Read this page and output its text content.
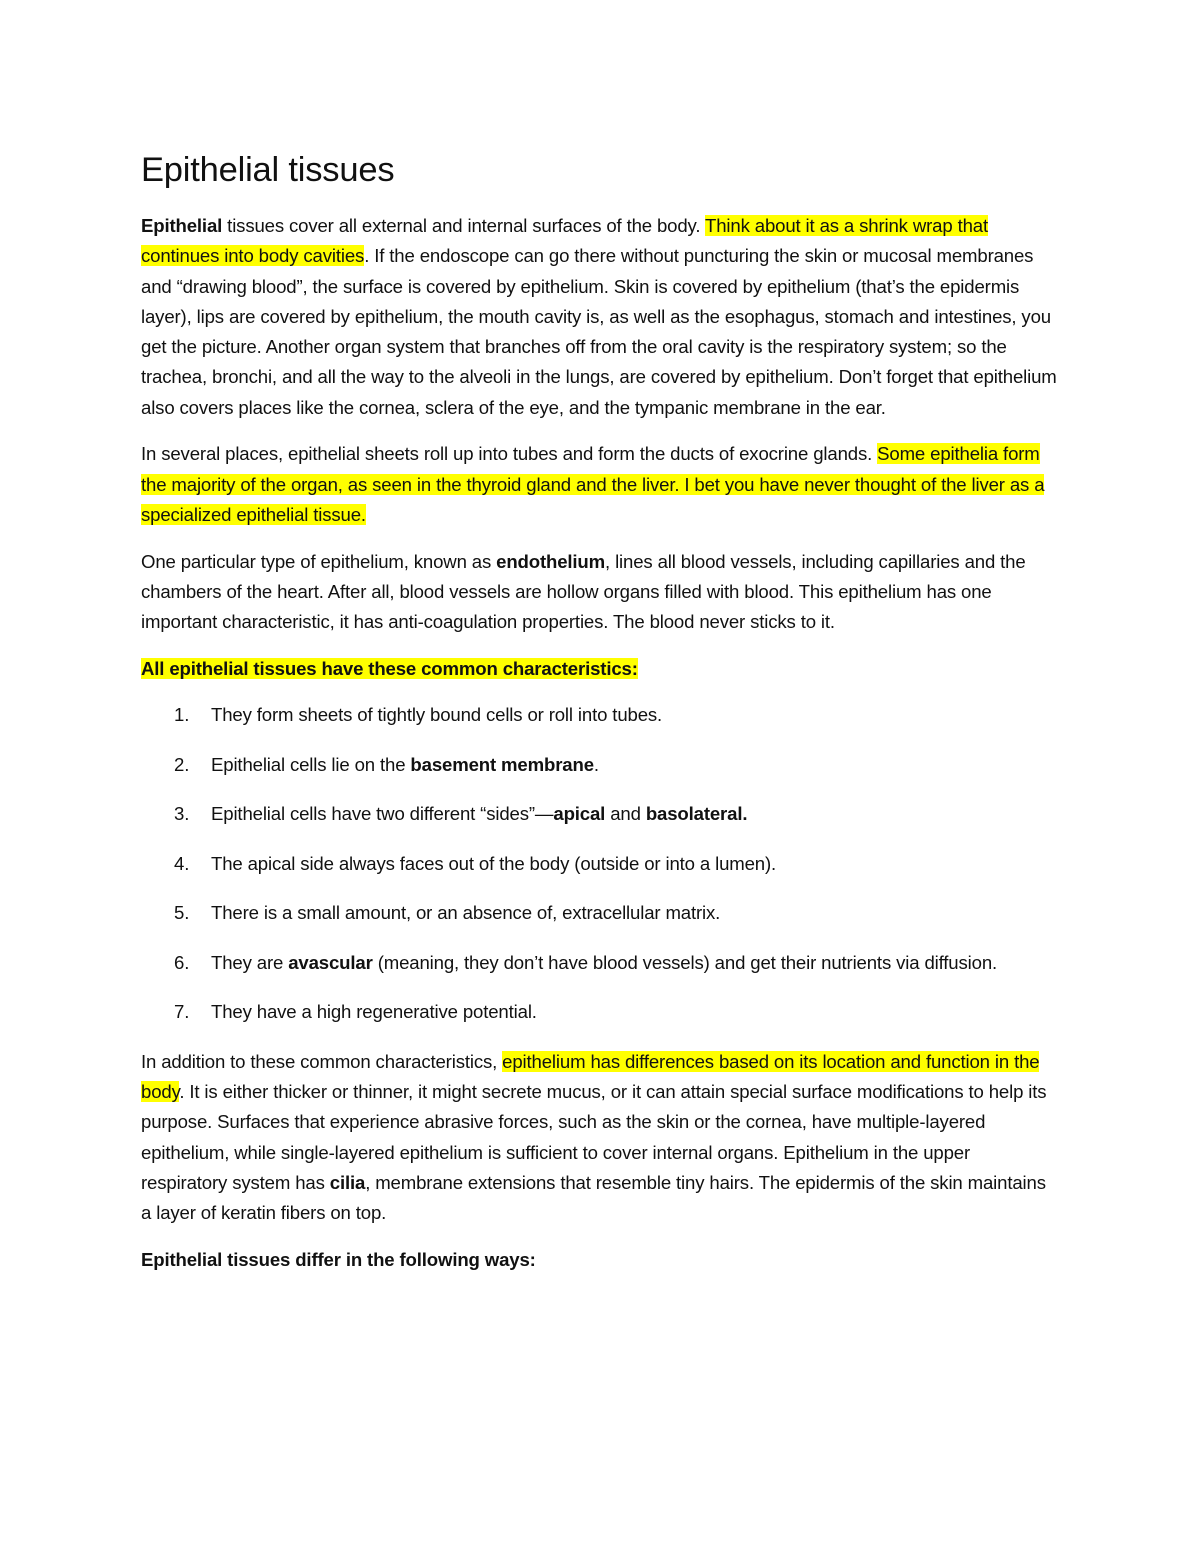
Epithelial tissues

Epithelial tissues cover all external and internal surfaces of the body. Think about it as a shrink wrap that continues into body cavities. If the endoscope can go there without puncturing the skin or mucosal membranes and “drawing blood”, the surface is covered by epithelium. Skin is covered by epithelium (that’s the epidermis layer), lips are covered by epithelium, the mouth cavity is, as well as the esophagus, stomach and intestines, you get the picture. Another organ system that branches off from the oral cavity is the respiratory system; so the trachea, bronchi, and all the way to the alveoli in the lungs, are covered by epithelium. Don’t forget that epithelium also covers places like the cornea, sclera of the eye, and the tympanic membrane in the ear.

In several places, epithelial sheets roll up into tubes and form the ducts of exocrine glands. Some epithelia form the majority of the organ, as seen in the thyroid gland and the liver. I bet you have never thought of the liver as a specialized epithelial tissue.

One particular type of epithelium, known as endothelium, lines all blood vessels, including capillaries and the chambers of the heart. After all, blood vessels are hollow organs filled with blood. This epithelium has one important characteristic, it has anti-coagulation properties. The blood never sticks to it.

All epithelial tissues have these common characteristics:

1. They form sheets of tightly bound cells or roll into tubes.
2. Epithelial cells lie on the basement membrane.
3. Epithelial cells have two different “sides”—apical and basolateral.
4. The apical side always faces out of the body (outside or into a lumen).
5. There is a small amount, or an absence of, extracellular matrix.
6. They are avascular (meaning, they don’t have blood vessels) and get their nutrients via diffusion.
7. They have a high regenerative potential.

In addition to these common characteristics, epithelium has differences based on its location and function in the body. It is either thicker or thinner, it might secrete mucus, or it can attain special surface modifications to help its purpose. Surfaces that experience abrasive forces, such as the skin or the cornea, have multiple-layered epithelium, while single-layered epithelium is sufficient to cover internal organs. Epithelium in the upper respiratory system has cilia, membrane extensions that resemble tiny hairs. The epidermis of the skin maintains a layer of keratin fibers on top.

Epithelial tissues differ in the following ways:
